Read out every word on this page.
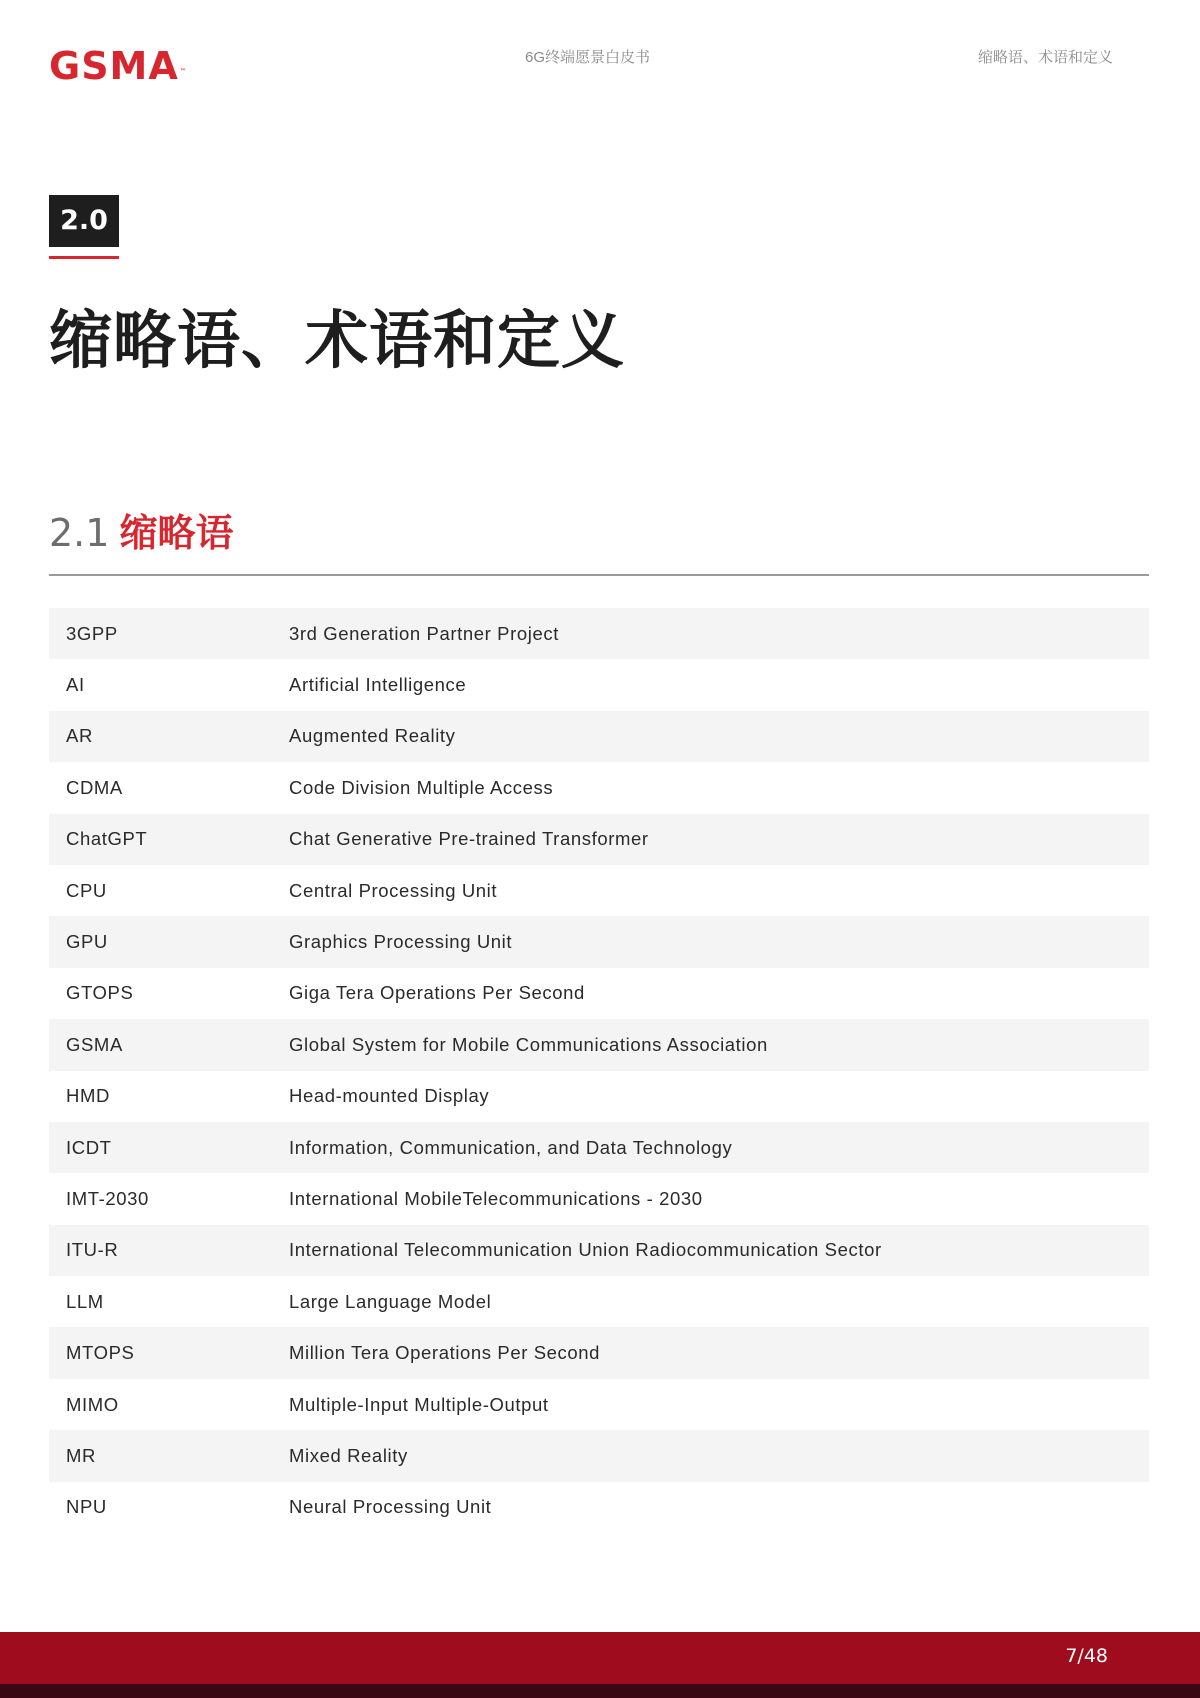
GSMA™
6G终端愿景白皮书	缩略语、术语和定义
2.0
缩略语、术语和定义
2.1 缩略语
3GPP	3rd Generation Partner Project
AI	Artificial Intelligence
AR	Augmented Reality
CDMA	Code Division Multiple Access
ChatGPT	Chat Generative Pre-trained Transformer
CPU	Central Processing Unit
GPU	Graphics Processing Unit
GTOPS	Giga Tera Operations Per Second
GSMA	Global System for Mobile Communications Association
HMD	Head-mounted Display
ICDT	Information, Communication, and Data Technology
IMT-2030	International MobileTelecommunications - 2030
ITU-R	International Telecommunication Union Radiocommunication Sector
LLM	Large Language Model
MTOPS	Million Tera Operations Per Second
MIMO	Multiple-Input Multiple-Output
MR	Mixed Reality
NPU	Neural Processing Unit
7/48
